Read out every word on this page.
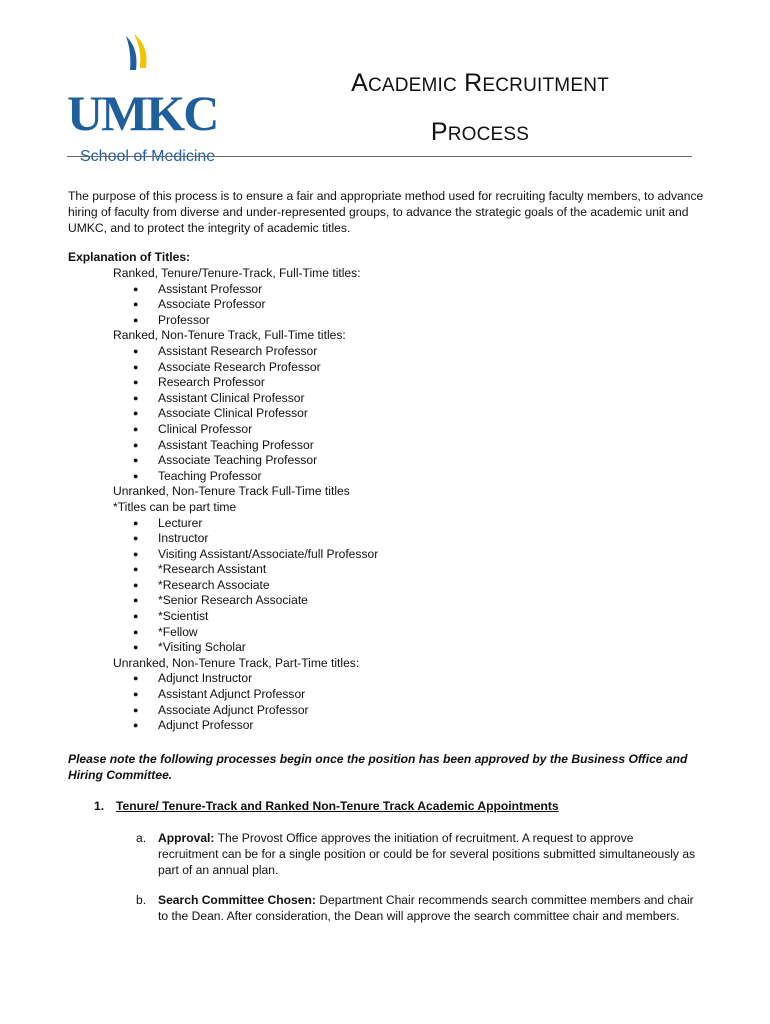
UMKC
School of Medicine
ACADEMIC RECRUITMENT
PROCESS

The purpose of this process is to ensure a fair and appropriate method used for recruiting faculty members, to advance hiring of faculty from diverse and under-represented groups, to advance the strategic goals of the academic unit and UMKC, and to protect the integrity of academic titles.

Explanation of Titles:
Ranked, Tenure/Tenure-Track, Full-Time titles:
● Assistant Professor
● Associate Professor
● Professor
Ranked, Non-Tenure Track, Full-Time titles:
● Assistant Research Professor
● Associate Research Professor
● Research Professor
● Assistant Clinical Professor
● Associate Clinical Professor
● Clinical Professor
● Assistant Teaching Professor
● Associate Teaching Professor
● Teaching Professor
Unranked, Non-Tenure Track Full-Time titles
*Titles can be part time
● Lecturer
● Instructor
● Visiting Assistant/Associate/full Professor
● *Research Assistant
● *Research Associate
● *Senior Research Associate
● *Scientist
● *Fellow
● *Visiting Scholar
Unranked, Non-Tenure Track, Part-Time titles:
● Adjunct Instructor
● Assistant Adjunct Professor
● Associate Adjunct Professor
● Adjunct Professor

Please note the following processes begin once the position has been approved by the Business Office and Hiring Committee.

1. Tenure/ Tenure-Track and Ranked Non-Tenure Track Academic Appointments
a. Approval: The Provost Office approves the initiation of recruitment. A request to approve recruitment can be for a single position or could be for several positions submitted simultaneously as part of an annual plan.
b. Search Committee Chosen: Department Chair recommends search committee members and chair to the Dean. After consideration, the Dean will approve the search committee chair and members.
